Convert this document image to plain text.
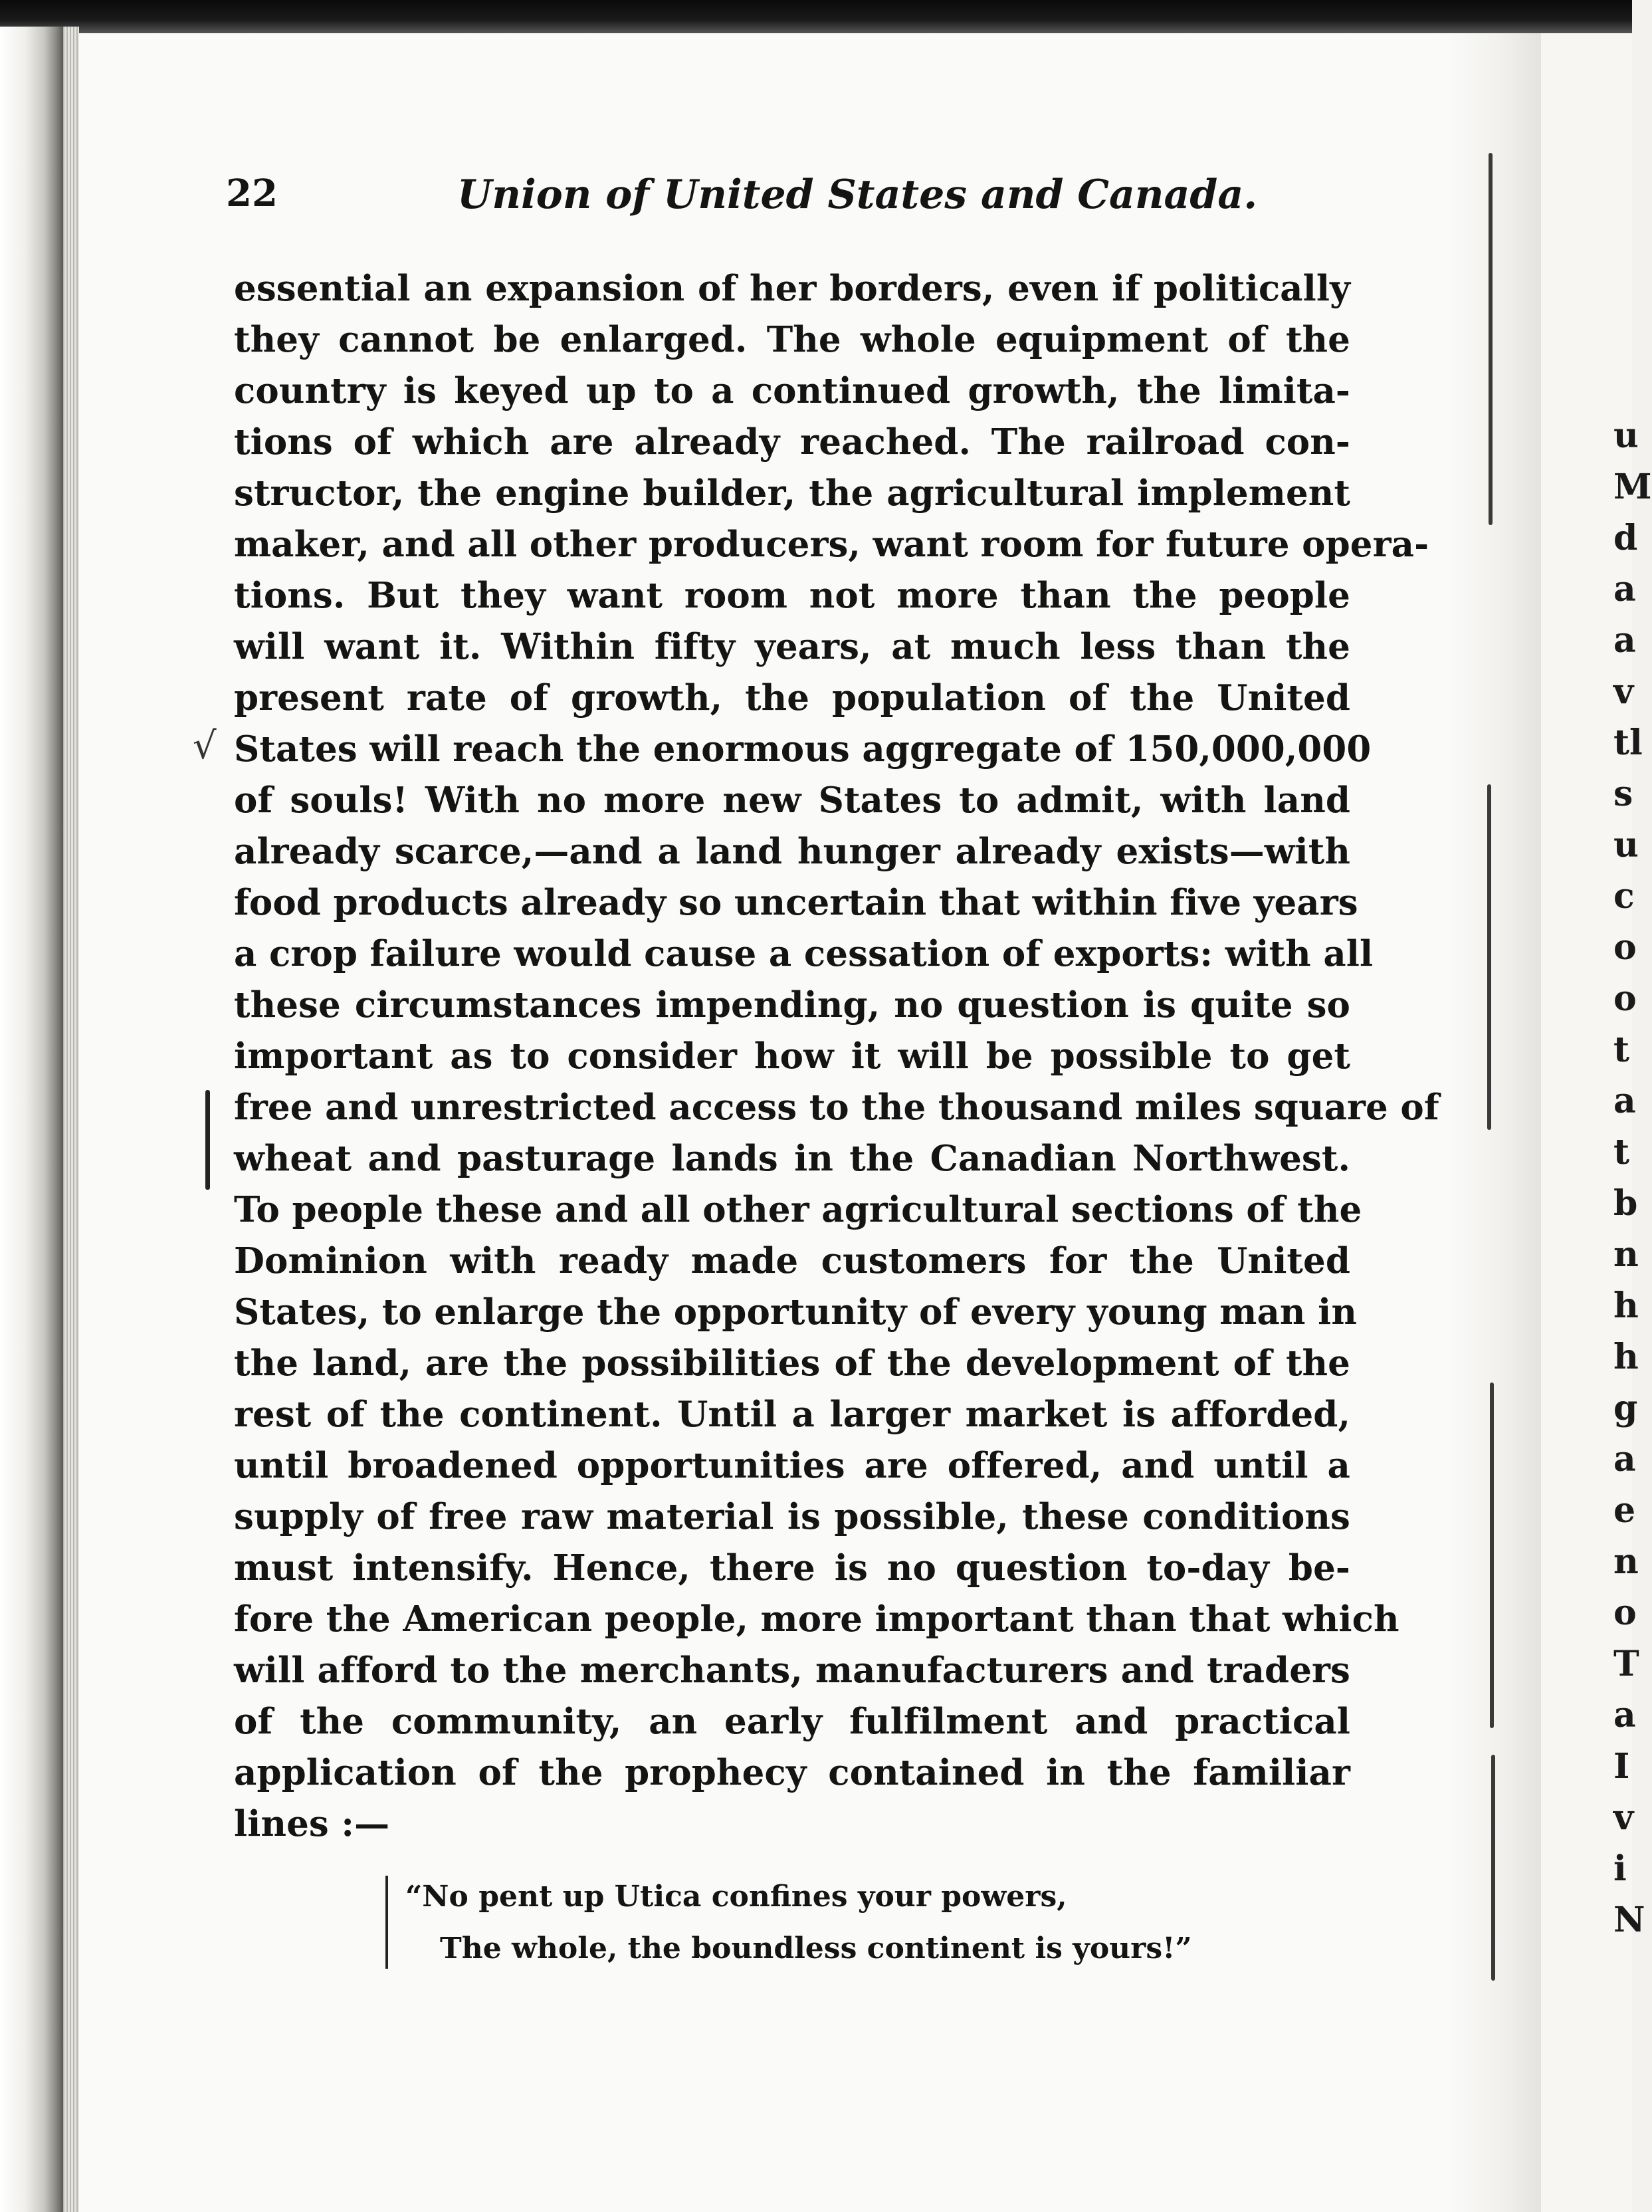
u
M
d
a
a
v
tl
s
u
c
o
o
t
a
t
b
n
h
h
g
a
e
n
o
T
a
I
v
i
N
22	Union of United States and Canada.
√
essential an expansion of her borders, even if politically
they cannot be enlarged. The whole equipment of the
country is keyed up to a continued growth, the limita-
tions of which are already reached. The railroad con-
structor, the engine builder, the agricultural implement
maker, and all other producers, want room for future opera-
tions. But they want room not more than the people
will want it. Within fifty years, at much less than the
present rate of growth, the population of the United
States will reach the enormous aggregate of 150,000,000
of souls! With no more new States to admit, with land
already scarce,—and a land hunger already exists—with
food products already so uncertain that within five years
a crop failure would cause a cessation of exports: with all
these circumstances impending, no question is quite so
important as to consider how it will be possible to get
free and unrestricted access to the thousand miles square of
wheat and pasturage lands in the Canadian Northwest.
To people these and all other agricultural sections of the
Dominion with ready made customers for the United
States, to enlarge the opportunity of every young man in
the land, are the possibilities of the development of the
rest of the continent. Until a larger market is afforded,
until broadened opportunities are offered, and until a
supply of free raw material is possible, these conditions
must intensify. Hence, there is no question to-day be-
fore the American people, more important than that which
will afford to the merchants, manufacturers and traders
of the community, an early fulfilment and practical
application of the prophecy contained in the familiar
lines :—
“No pent up Utica confines your powers,
The whole, the boundless continent is yours!”
